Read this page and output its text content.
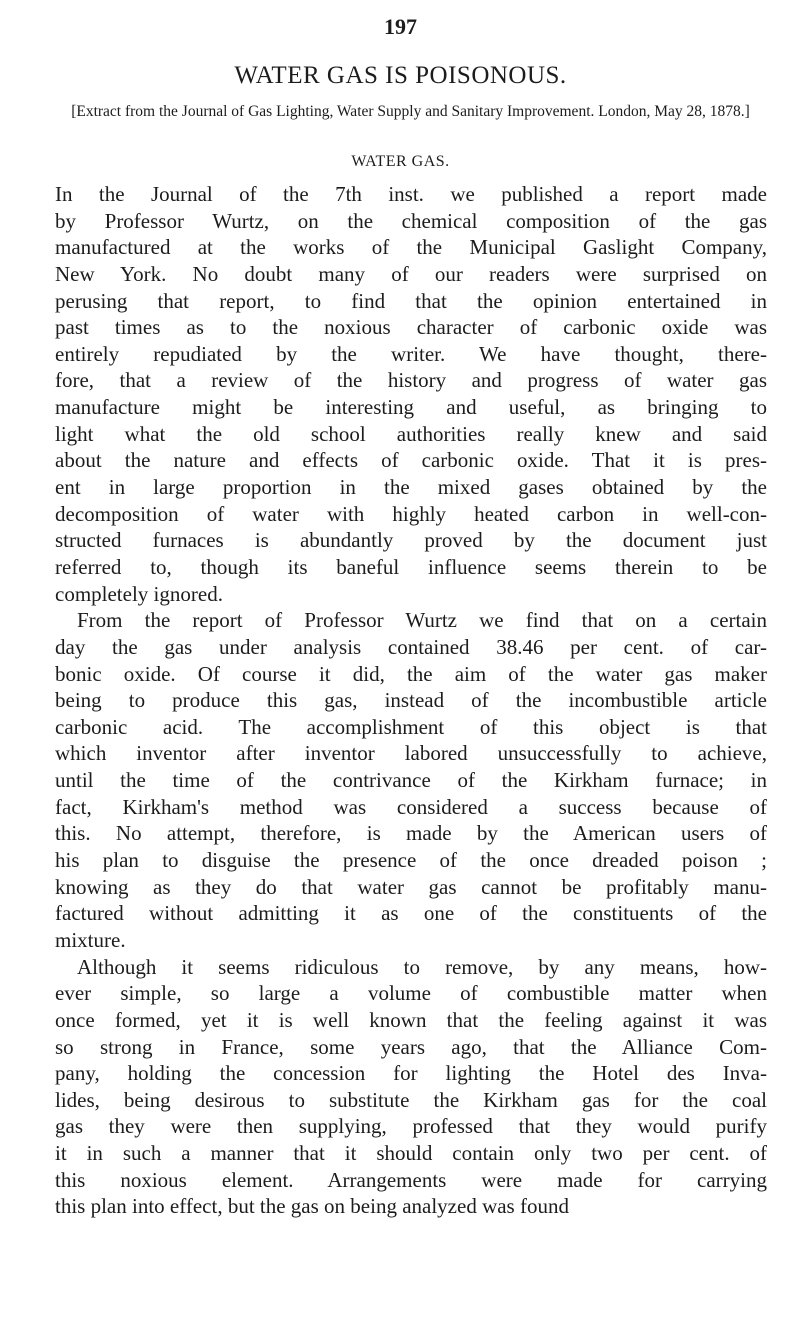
197
WATER GAS IS POISONOUS.
[Extract from the Journal of Gas Lighting, Water Supply and Sanitary Improvement. London, May 28, 1878.]
WATER GAS.
In the Journal of the 7th inst. we published a report made
by Professor Wurtz, on the chemical composition of the gas
manufactured at the works of the Municipal Gaslight Company,
New York. No doubt many of our readers were surprised on
perusing that report, to find that the opinion entertained in
past times as to the noxious character of carbonic oxide was
entirely repudiated by the writer. We have thought, there-
fore, that a review of the history and progress of water gas
manufacture might be interesting and useful, as bringing to
light what the old school authorities really knew and said
about the nature and effects of carbonic oxide. That it is pres-
ent in large proportion in the mixed gases obtained by the
decomposition of water with highly heated carbon in well-con-
structed furnaces is abundantly proved by the document just
referred to, though its baneful influence seems therein to be
completely ignored.
From the report of Professor Wurtz we find that on a certain
day the gas under analysis contained 38.46 per cent. of car-
bonic oxide. Of course it did, the aim of the water gas maker
being to produce this gas, instead of the incombustible article
carbonic acid. The accomplishment of this object is that
which inventor after inventor labored unsuccessfully to achieve,
until the time of the contrivance of the Kirkham furnace; in
fact, Kirkham's method was considered a success because of
this. No attempt, therefore, is made by the American users of
his plan to disguise the presence of the once dreaded poison ;
knowing as they do that water gas cannot be profitably manu-
factured without admitting it as one of the constituents of the
mixture.
Although it seems ridiculous to remove, by any means, how-
ever simple, so large a volume of combustible matter when
once formed, yet it is well known that the feeling against it was
so strong in France, some years ago, that the Alliance Com-
pany, holding the concession for lighting the Hotel des Inva-
lides, being desirous to substitute the Kirkham gas for the coal
gas they were then supplying, professed that they would purify
it in such a manner that it should contain only two per cent. of
this noxious element. Arrangements were made for carrying
this plan into effect, but the gas on being analyzed was found
